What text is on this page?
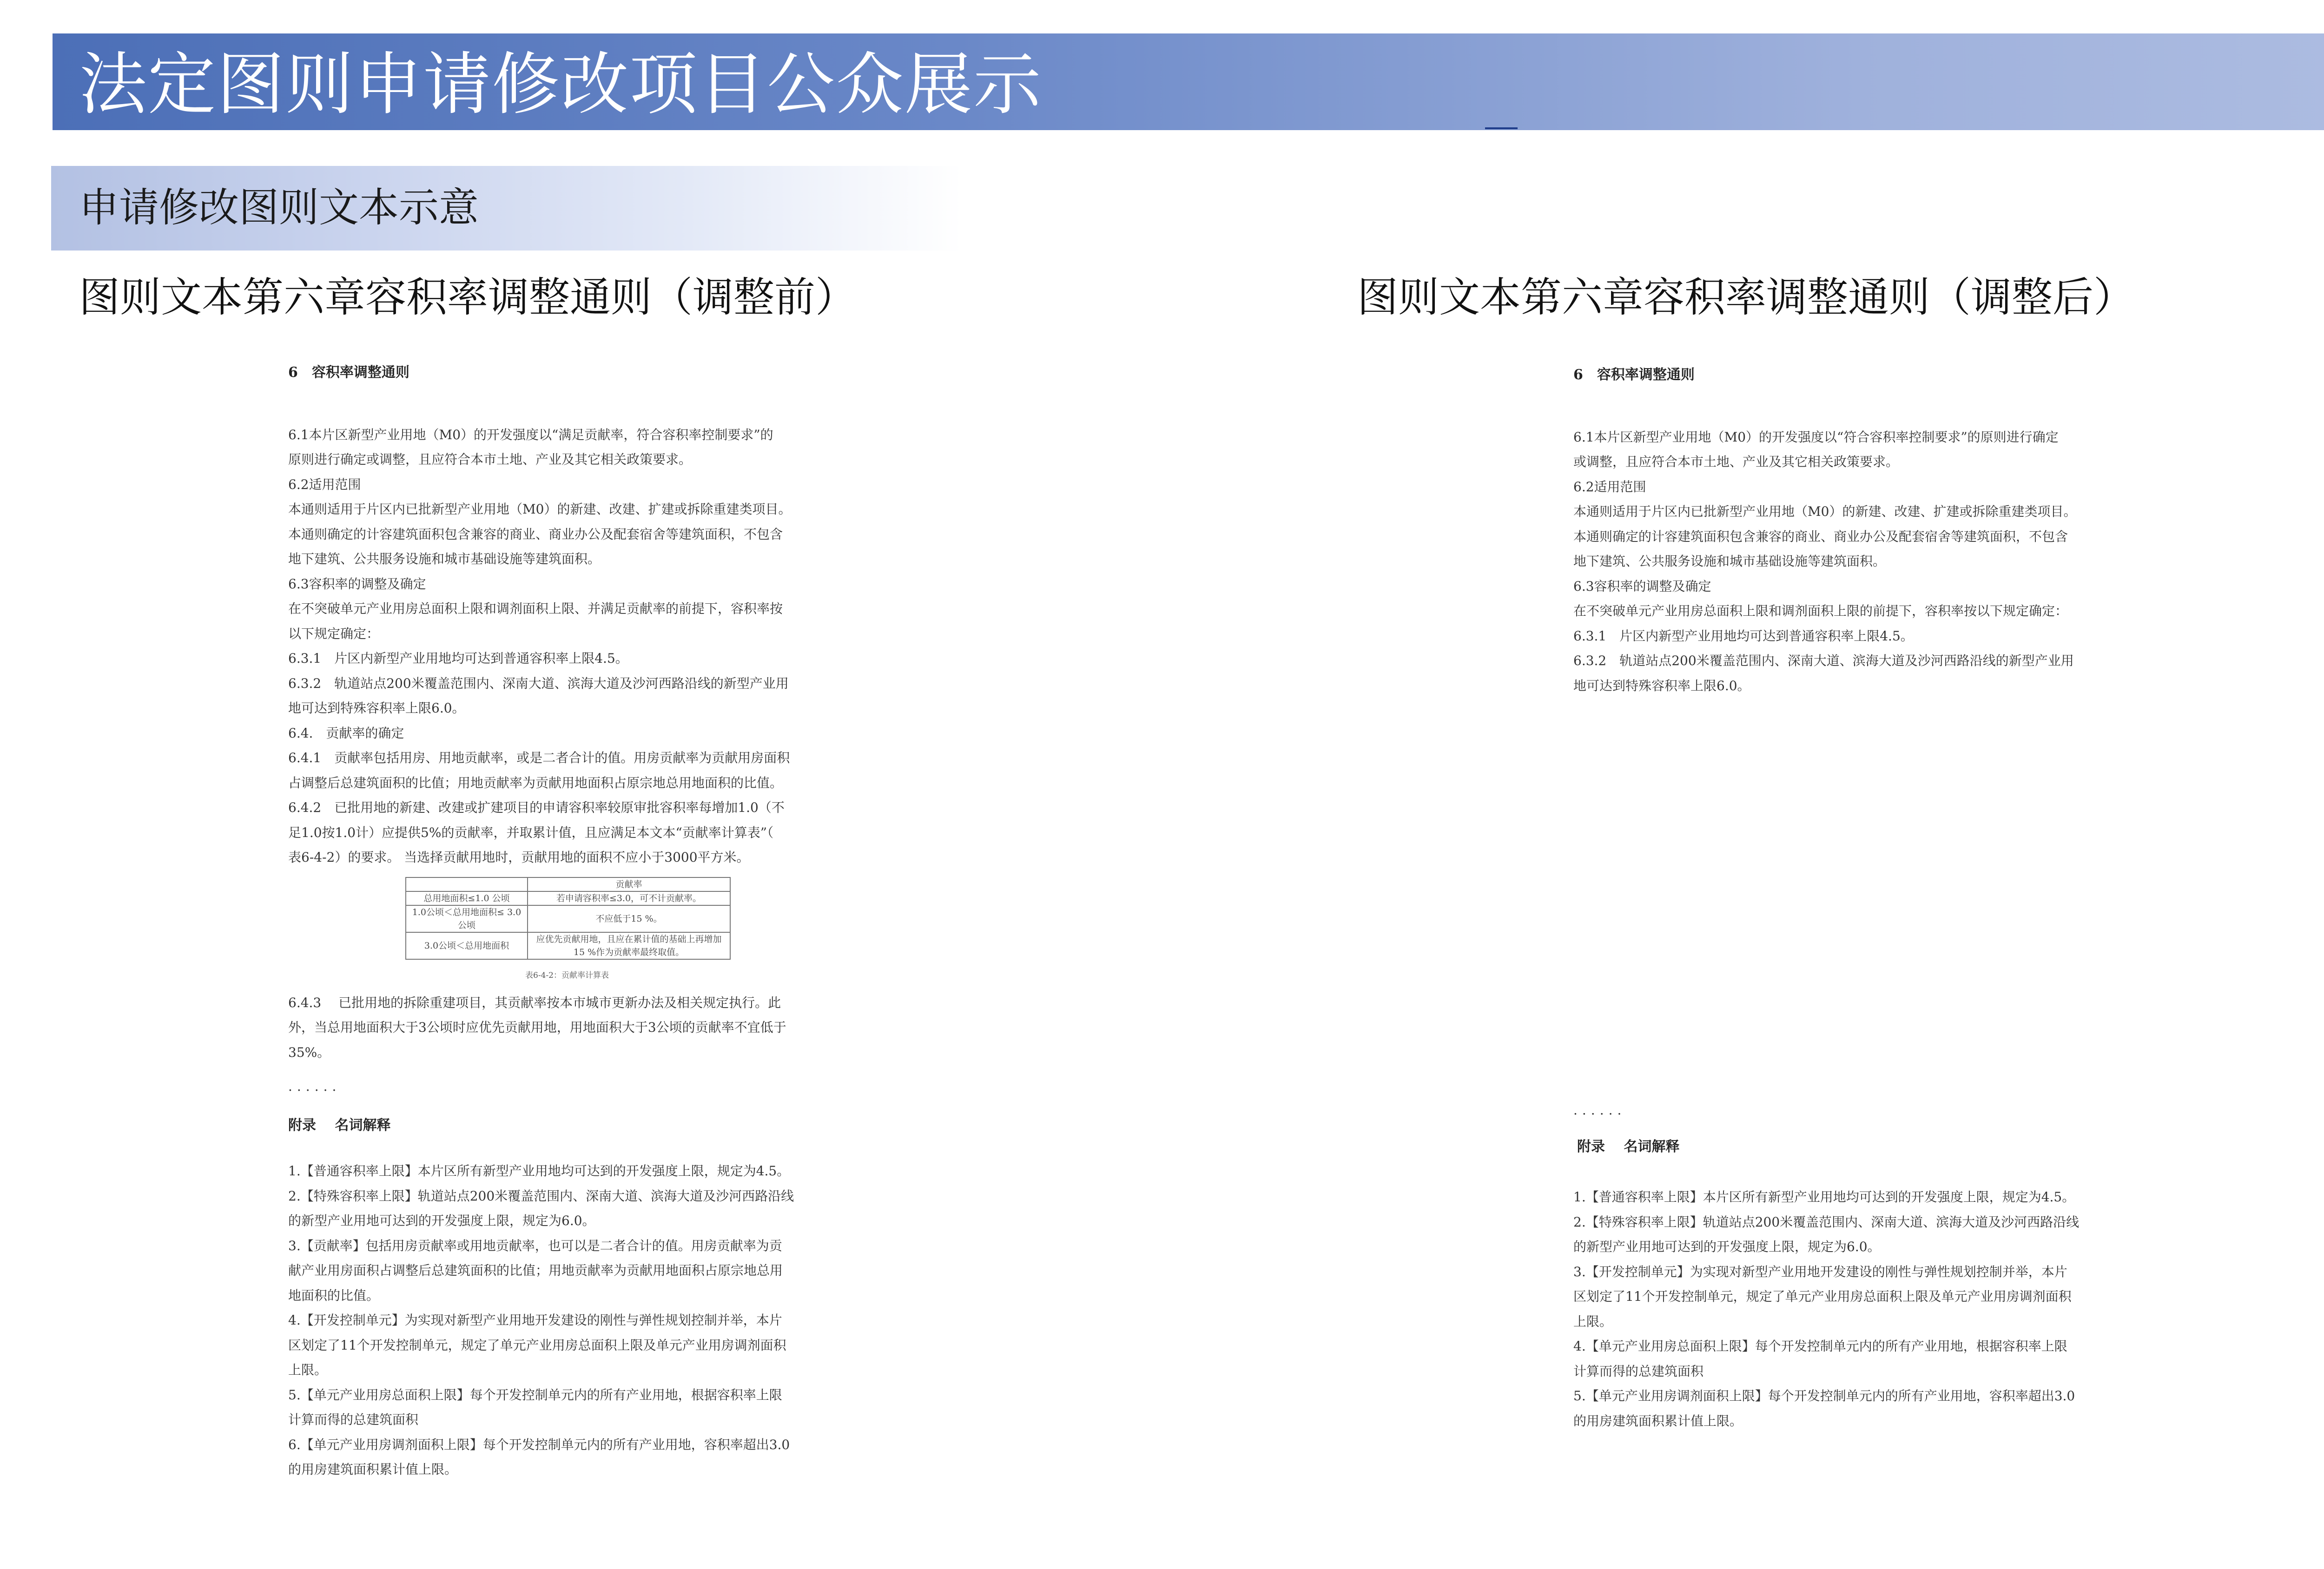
法定图则申请修改项目公众展示
申请修改图则文本示意
图则文本第六章容积率调整通则（调整前）	图则文本第六章容积率调整通则（调整后）

6　容积率调整通则

6.1本片区新型产业用地（M0）的开发强度以“满足贡献率，符合容积率控制要求”的

原则进行确定或调整，且应符合本市土地、产业及其它相关政策要求。

6.2适用范围

本通则适用于片区内已批新型产业用地（M0）的新建、改建、扩建或拆除重建类项目。

本通则确定的计容建筑面积包含兼容的商业、商业办公及配套宿舍等建筑面积，不包含

地下建筑、公共服务设施和城市基础设施等建筑面积。

6.3容积率的调整及确定

在不突破单元产业用房总面积上限和调剂面积上限、并满足贡献率的前提下，容积率按

以下规定确定：

6.3.1　片区内新型产业用地均可达到普通容积率上限4.5。

6.3.2　轨道站点200米覆盖范围内、深南大道、滨海大道及沙河西路沿线的新型产业用

地可达到特殊容积率上限6.0。

6.4.　贡献率的确定

6.4.1　贡献率包括用房、用地贡献率，或是二者合计的值。用房贡献率为贡献用房面积

占调整后总建筑面积的比值；用地贡献率为贡献用地面积占原宗地总用地面积的比值。

6.4.2　已批用地的新建、改建或扩建项目的申请容积率较原审批容积率每增加1.0（不

足1.0按1.0计）应提供5%的贡献率，并取累计值，且应满足本文本“贡献率计算表”（

表6-4-2）的要求。 当选择贡献用地时，贡献用地的面积不应小于3000平方米。

	贡献率
总用地面积≤1.0 公顷	若申请容积率≤3.0，可不计贡献率。
1.0公顷＜总用地面积≤ 3.0公顷	不应低于15 %。
3.0公顷＜总用地面积	应优先贡献用地，且应在累计值的基础上再增加 15 %作为贡献率最终取值。

表6-4-2：贡献率计算表

6.4.3　 已批用地的拆除重建项目，其贡献率按本市城市更新办法及相关规定执行。此

外，当总用地面积大于3公顷时应优先贡献用地，用地面积大于3公顷的贡献率不宜低于

35%。

......

附录　 名词解释

1.【普通容积率上限】本片区所有新型产业用地均可达到的开发强度上限，规定为4.5。

2.【特殊容积率上限】轨道站点200米覆盖范围内、深南大道、滨海大道及沙河西路沿线

的新型产业用地可达到的开发强度上限，规定为6.0。

3.【贡献率】包括用房贡献率或用地贡献率，也可以是二者合计的值。用房贡献率为贡

献产业用房面积占调整后总建筑面积的比值；用地贡献率为贡献用地面积占原宗地总用

地面积的比值。

4.【开发控制单元】为实现对新型产业用地开发建设的刚性与弹性规划控制并举，本片

区划定了11个开发控制单元，规定了单元产业用房总面积上限及单元产业用房调剂面积

上限。

5.【单元产业用房总面积上限】每个开发控制单元内的所有产业用地，根据容积率上限

计算而得的总建筑面积

6.【单元产业用房调剂面积上限】每个开发控制单元内的所有产业用地，容积率超出3.0

的用房建筑面积累计值上限。

6　容积率调整通则

6.1本片区新型产业用地（M0）的开发强度以“符合容积率控制要求”的原则进行确定

或调整，且应符合本市土地、产业及其它相关政策要求。

6.2适用范围

本通则适用于片区内已批新型产业用地（M0）的新建、改建、扩建或拆除重建类项目。

本通则确定的计容建筑面积包含兼容的商业、商业办公及配套宿舍等建筑面积，不包含

地下建筑、公共服务设施和城市基础设施等建筑面积。

6.3容积率的调整及确定

在不突破单元产业用房总面积上限和调剂面积上限的前提下，容积率按以下规定确定：

6.3.1　片区内新型产业用地均可达到普通容积率上限4.5。

6.3.2　轨道站点200米覆盖范围内、深南大道、滨海大道及沙河西路沿线的新型产业用

地可达到特殊容积率上限6.0。

......

附录　 名词解释

1.【普通容积率上限】本片区所有新型产业用地均可达到的开发强度上限，规定为4.5。

2.【特殊容积率上限】轨道站点200米覆盖范围内、深南大道、滨海大道及沙河西路沿线

的新型产业用地可达到的开发强度上限，规定为6.0。

3.【开发控制单元】为实现对新型产业用地开发建设的刚性与弹性规划控制并举，本片

区划定了11个开发控制单元，规定了单元产业用房总面积上限及单元产业用房调剂面积

上限。

4.【单元产业用房总面积上限】每个开发控制单元内的所有产业用地，根据容积率上限

计算而得的总建筑面积

5.【单元产业用房调剂面积上限】每个开发控制单元内的所有产业用地，容积率超出3.0

的用房建筑面积累计值上限。
